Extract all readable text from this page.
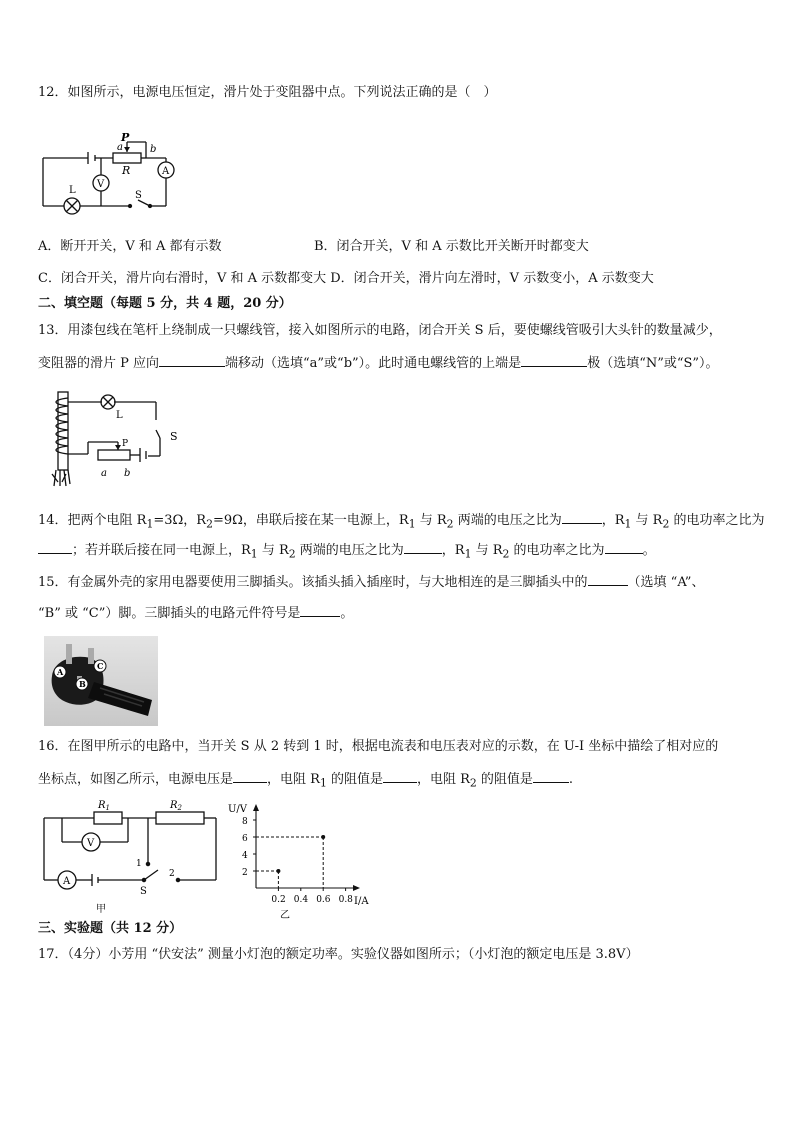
12．如图所示，电源电压恒定，滑片处于变阻器中点。下列说法正确的是（　）
a
P
b
R
V
A
L	S
A．断开开关，V 和 A 都有示数	B．闭合开关，V 和 A 示数比开关断开时都变大
C．闭合开关，滑片向右滑时，V 和 A 示数都变大 D．闭合开关，滑片向左滑时，V 示数变小，A 示数变大
二、填空题（每题 5 分，共 4 题，20 分）
13．用漆包线在笔杆上绕制成一只螺线管，接入如图所示的电路，闭合开关 S 后，要使螺线管吸引大头针的数量减少，
变阻器的滑片 P 应向	端移动（选填“a”或“b”）。此时通电螺线管的上端是	极（选填“N”或“S”）。
L
S
P
a b
14．把两个电阻 $R_1=3\Omega$，$R_2=9\Omega$，串联后接在某一电源上，$R_1$ 与 $R_2$ 两端的电压之比为	，$R_1$ 与 $R_2$ 的电功率之比为
；若并联后接在同一电源上，$R_1$ 与 $R_2$ 两端的电压之比为	，$R_1$ 与 $R_2$ 的电功率之比为	。
15．有金属外壳的家用电器要使用三脚插头。该插头插入插座时，与大地相连的是三脚插头中的	（选填 “A”、
“B” 或 “C”）脚。三脚插头的电路元件符号是	。
A
C
B
16．在图甲所示的电路中，当开关 S 从 2 转到 1 时，根据电流表和电压表对应的示数，在 U-I 坐标中描绘了相对应的
坐标点，如图乙所示，电源电压是	，电阻 $R_1$ 的阻值是	，电阻 $R_2$ 的阻值是	.
$R_1$	$R_2$
V
A
1
2
S
甲
U/V
I/A
乙
2
4
6
8
0.2 0.4 0.6 0.8
三、实验题（共 12 分）
17．（4分）小芳用 “伏安法” 测量小灯泡的额定功率。实验仪器如图所示；（小灯泡的额定电压是 3.8V）
